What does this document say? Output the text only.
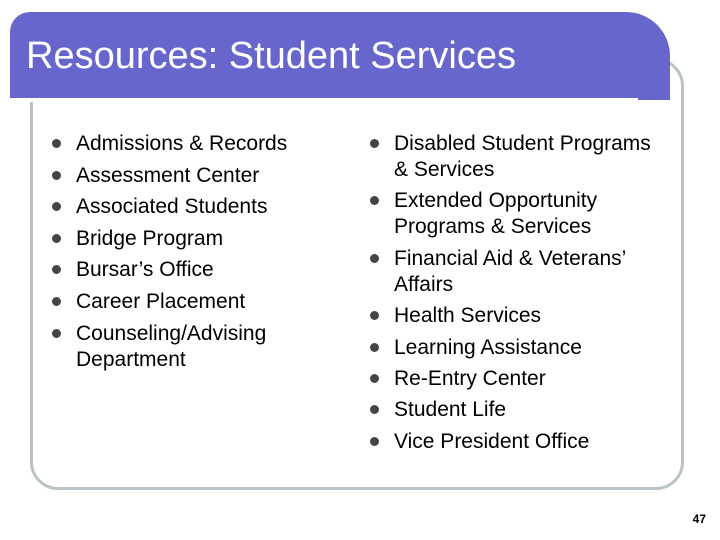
Resources: Student Services
Admissions & Records
Assessment Center
Associated Students
Bridge Program
Bursar’s Office
Career Placement
Counseling/Advising Department
Disabled Student Programs & Services
Extended Opportunity Programs & Services
Financial Aid & Veterans’ Affairs
Health Services
Learning Assistance
Re-Entry Center
Student Life
Vice President Office
47
